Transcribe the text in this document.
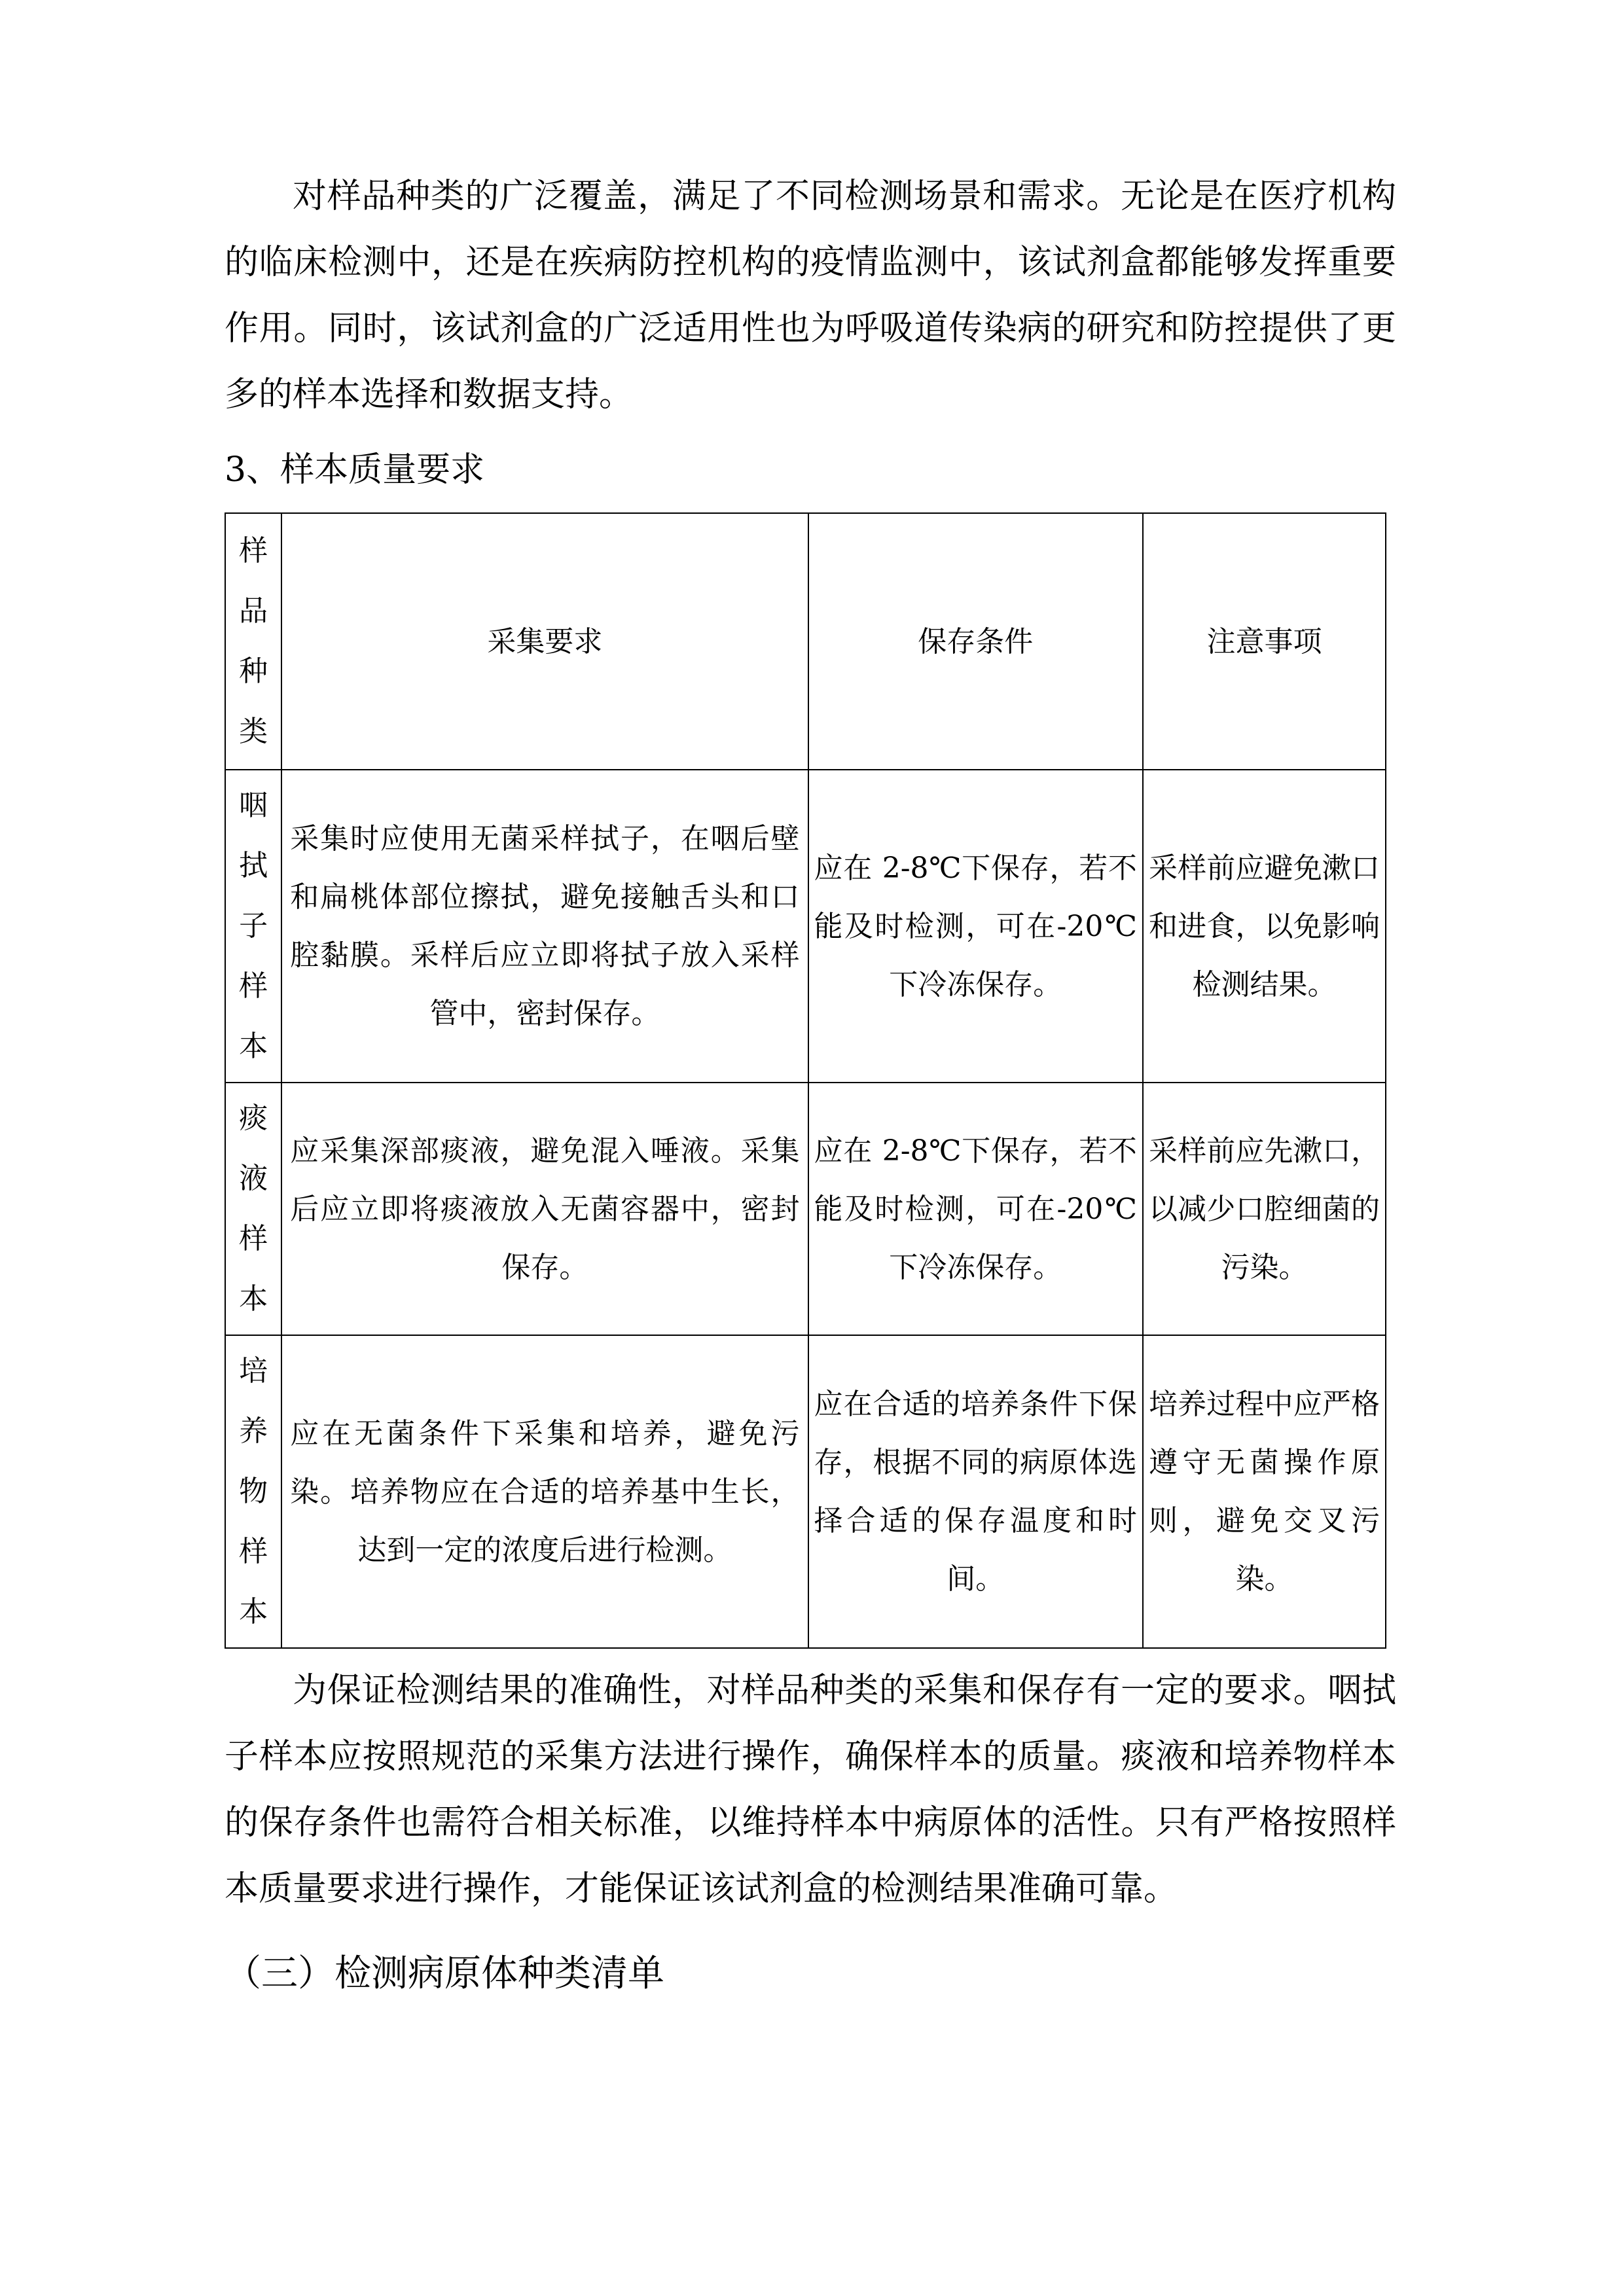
对样品种类的广泛覆盖，满足了不同检测场景和需求。无论是在医疗机构的临床检测中，还是在疾病防控机构的疫情监测中，该试剂盒都能够发挥重要作用。同时，该试剂盒的广泛适用性也为呼吸道传染病的研究和防控提供了更多的样本选择和数据支持。

3、样本质量要求

样
品
种
类	采集要求	保存条件	注意事项

咽
拭
子
样
本	采集时应使用无菌采样拭子，在咽后壁和扁桃体部位擦拭，避免接触舌头和口腔黏膜。采样后应立即将拭子放入采样管中，密封保存。	应在 2-8℃下保存，若不能及时检测，可在-20℃下冷冻保存。	采样前应避免漱口和进食，以免影响检测结果。

痰
液
样
本	应采集深部痰液，避免混入唾液。采集后应立即将痰液放入无菌容器中，密封保存。	应在 2-8℃下保存，若不能及时检测，可在-20℃下冷冻保存。	采样前应先漱口，以减少口腔细菌的污染。

培
养
物
样
本	应在无菌条件下采集和培养，避免污染。培养物应在合适的培养基中生长，达到一定的浓度后进行检测。	应在合适的培养条件下保存，根据不同的病原体选择合适的保存温度和时间。	培养过程中应严格遵守无菌操作原则，避免交叉污染。

为保证检测结果的准确性，对样品种类的采集和保存有一定的要求。咽拭子样本应按照规范的采集方法进行操作，确保样本的质量。痰液和培养物样本的保存条件也需符合相关标准，以维持样本中病原体的活性。只有严格按照样本质量要求进行操作，才能保证该试剂盒的检测结果准确可靠。

（三）检测病原体种类清单
